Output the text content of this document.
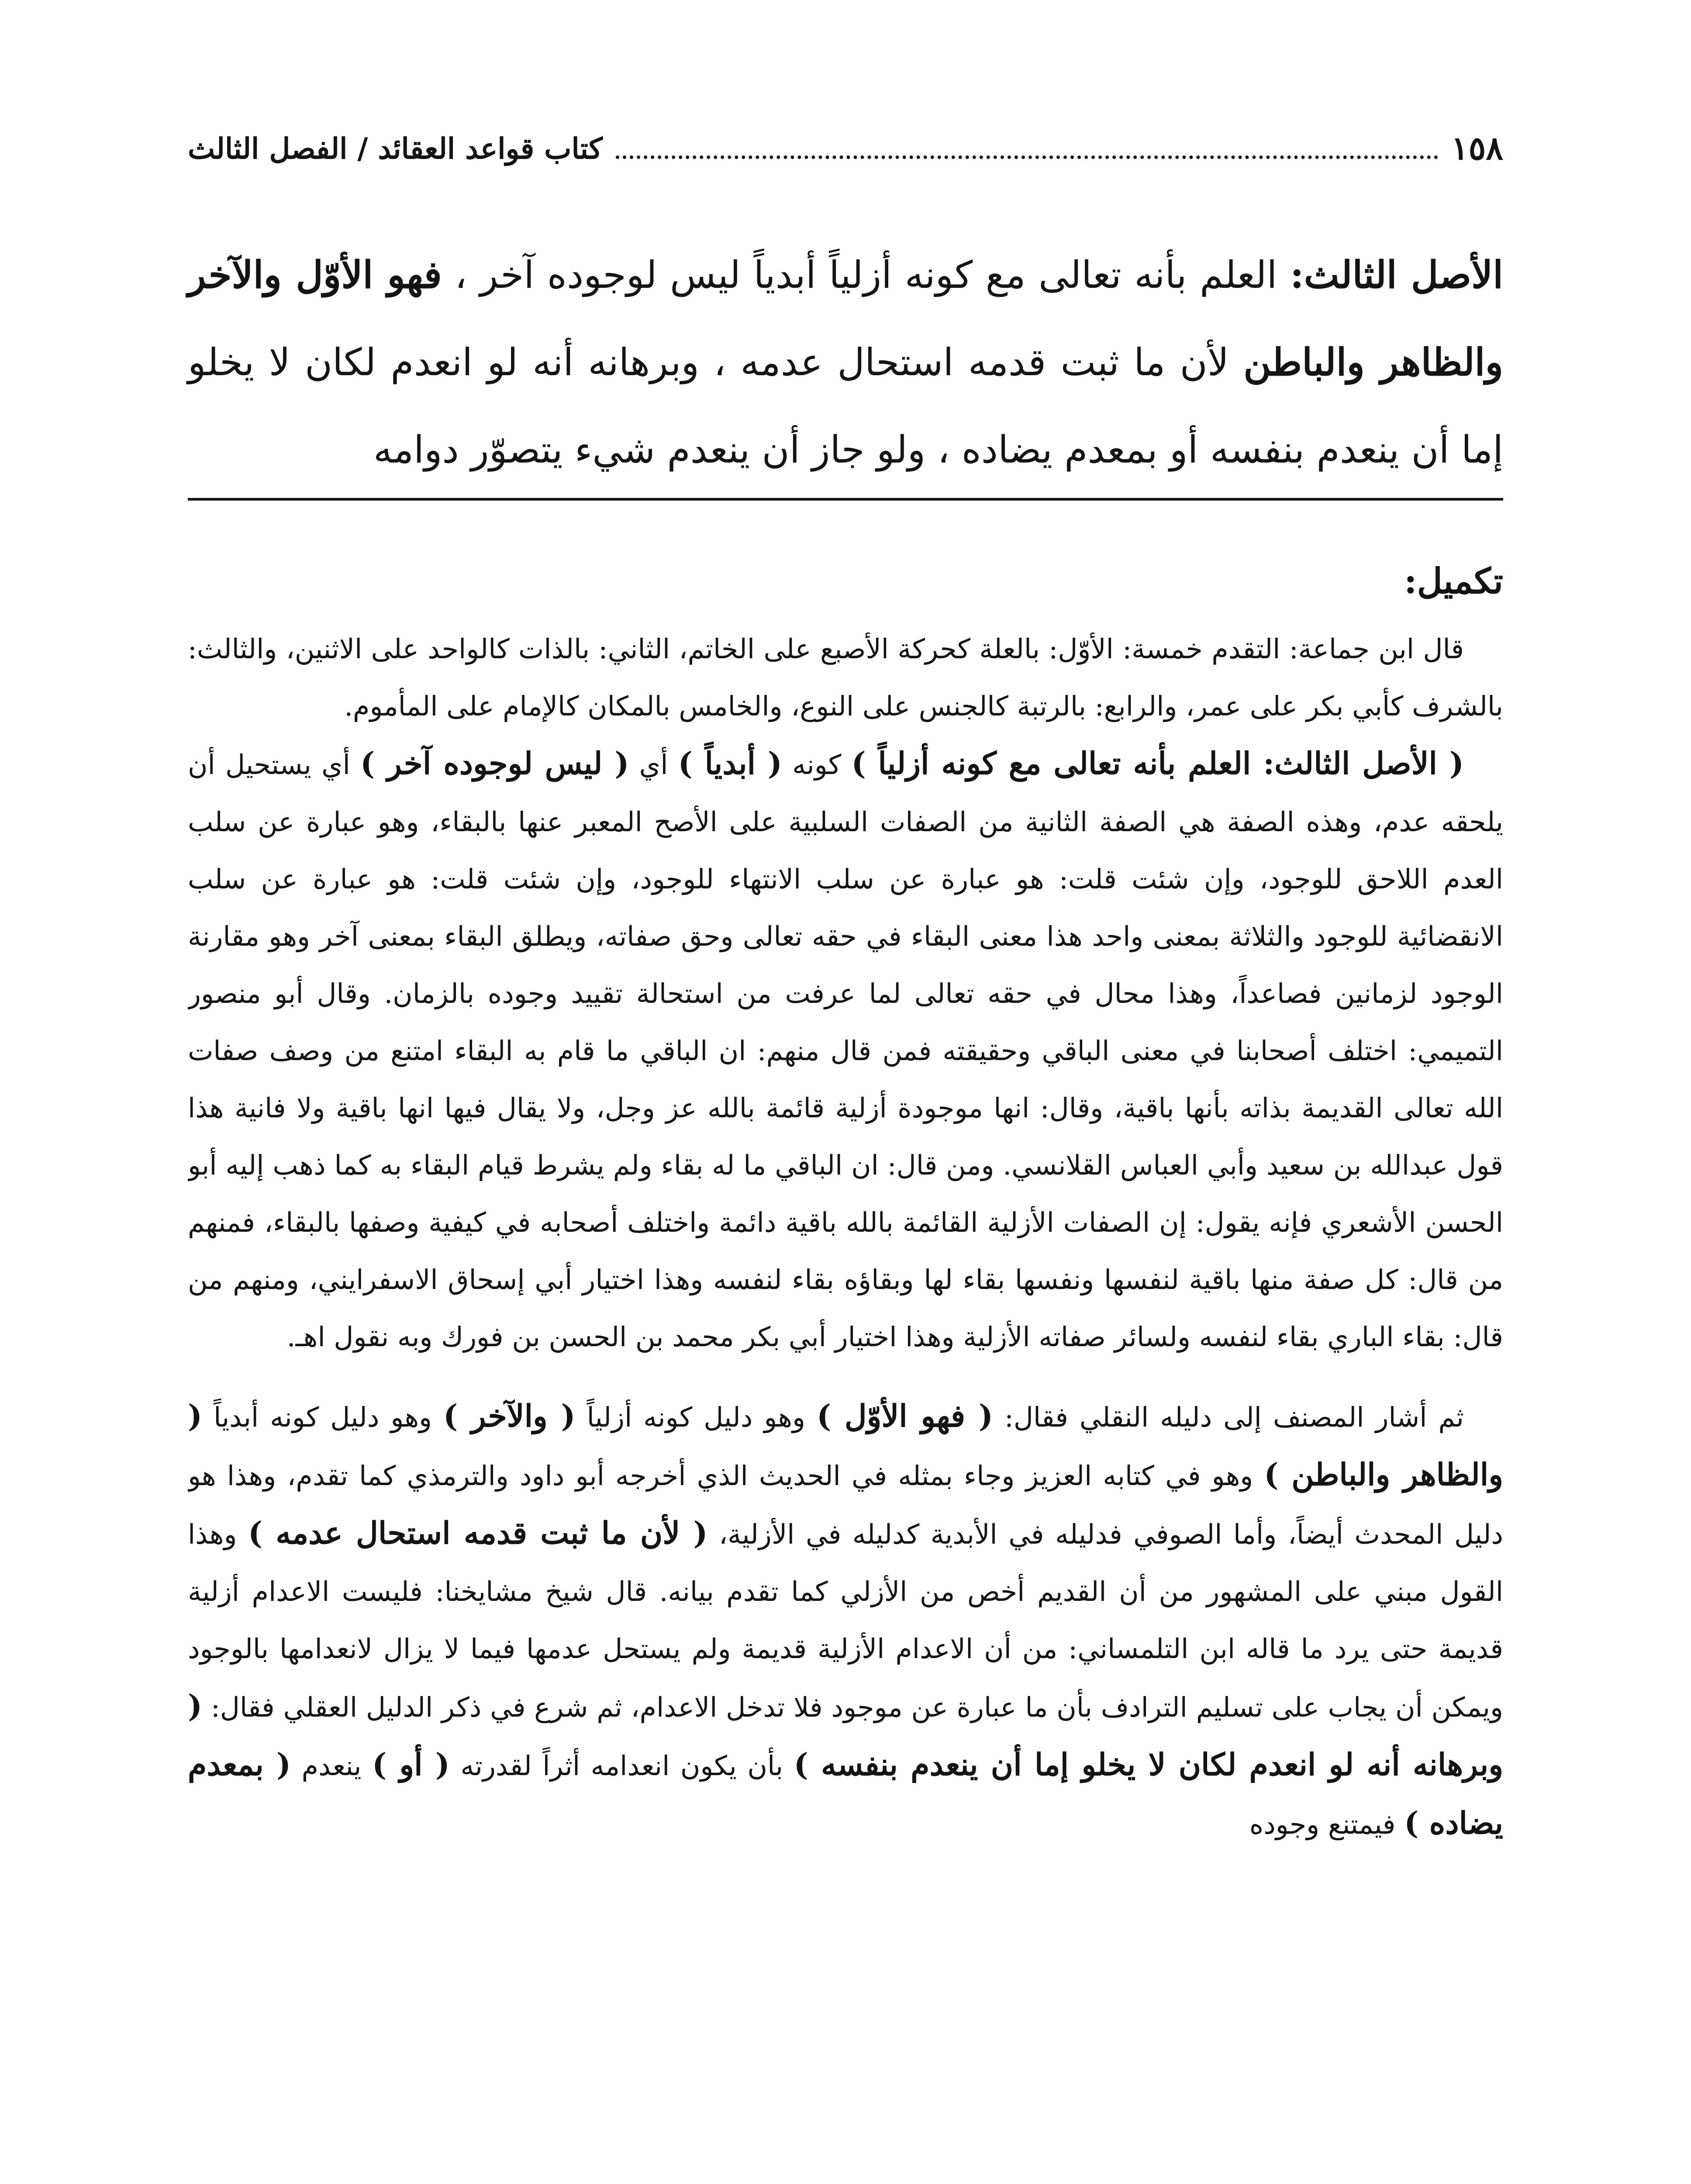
١٥٨
كتاب قواعد العقائد / الفصل الثالث

الأصل الثالث: العلم بأنه تعالى مع كونه أزلياً أبدياً ليس لوجوده آخر ، فهو الأوّل والآخر والظاهر والباطن لأن ما ثبت قدمه استحال عدمه ، وبرهانه أنه لو انعدم لكان لا يخلو إما أن ينعدم بنفسه أو بمعدم يضاده ، ولو جاز أن ينعدم شيء يتصوّر دوامه

تكميل:

قال ابن جماعة: التقدم خمسة: الأوّل: بالعلة كحركة الأصبع على الخاتم، الثاني: بالذات كالواحد على الاثنين، والثالث: بالشرف كأبي بكر على عمر، والرابع: بالرتبة كالجنس على النوع، والخامس بالمكان كالإمام على المأموم.

( الأصل الثالث: العلم بأنه تعالى مع كونه أزلياً ) كونه ( أبدياً ) أي ( ليس لوجوده آخر ) أي يستحيل أن يلحقه عدم، وهذه الصفة هي الصفة الثانية من الصفات السلبية على الأصح المعبر عنها بالبقاء، وهو عبارة عن سلب العدم اللاحق للوجود، وإن شئت قلت: هو عبارة عن سلب الانتهاء للوجود، وإن شئت قلت: هو عبارة عن سلب الانقضائية للوجود والثلاثة بمعنى واحد هذا معنى البقاء في حقه تعالى وحق صفاته، ويطلق البقاء بمعنى آخر وهو مقارنة الوجود لزمانين فصاعداً، وهذا محال في حقه تعالى لما عرفت من استحالة تقييد وجوده بالزمان. وقال أبو منصور التميمي: اختلف أصحابنا في معنى الباقي وحقيقته فمن قال منهم: ان الباقي ما قام به البقاء امتنع من وصف صفات الله تعالى القديمة بذاته بأنها باقية، وقال: انها موجودة أزلية قائمة بالله عز وجل، ولا يقال فيها انها باقية ولا فانية هذا قول عبدالله بن سعيد وأبي العباس القلانسي. ومن قال: ان الباقي ما له بقاء ولم يشرط قيام البقاء به كما ذهب إليه أبو الحسن الأشعري فإنه يقول: إن الصفات الأزلية القائمة بالله باقية دائمة واختلف أصحابه في كيفية وصفها بالبقاء، فمنهم من قال: كل صفة منها باقية لنفسها ونفسها بقاء لها وبقاؤه بقاء لنفسه وهذا اختيار أبي إسحاق الاسفرايني، ومنهم من قال: بقاء الباري بقاء لنفسه ولسائر صفاته الأزلية وهذا اختيار أبي بكر محمد بن الحسن بن فورك وبه نقول اهـ.

ثم أشار المصنف إلى دليله النقلي فقال: ( فهو الأوّل ) وهو دليل كونه أزلياً ( والآخر ) وهو دليل كونه أبدياً ( والظاهر والباطن ) وهو في كتابه العزيز وجاء بمثله في الحديث الذي أخرجه أبو داود والترمذي كما تقدم، وهذا هو دليل المحدث أيضاً، وأما الصوفي فدليله في الأبدية كدليله في الأزلية، ( لأن ما ثبت قدمه استحال عدمه ) وهذا القول مبني على المشهور من أن القديم أخص من الأزلي كما تقدم بيانه. قال شيخ مشايخنا: فليست الاعدام أزلية قديمة حتى يرد ما قاله ابن التلمساني: من أن الاعدام الأزلية قديمة ولم يستحل عدمها فيما لا يزال لانعدامها بالوجود ويمكن أن يجاب على تسليم الترادف بأن ما عبارة عن موجود فلا تدخل الاعدام، ثم شرع في ذكر الدليل العقلي فقال: ( وبرهانه أنه لو انعدم لكان لا يخلو إما أن ينعدم بنفسه ) بأن يكون انعدامه أثراً لقدرته ( أو ) ينعدم ( بمعدم يضاده ) فيمتنع وجوده
